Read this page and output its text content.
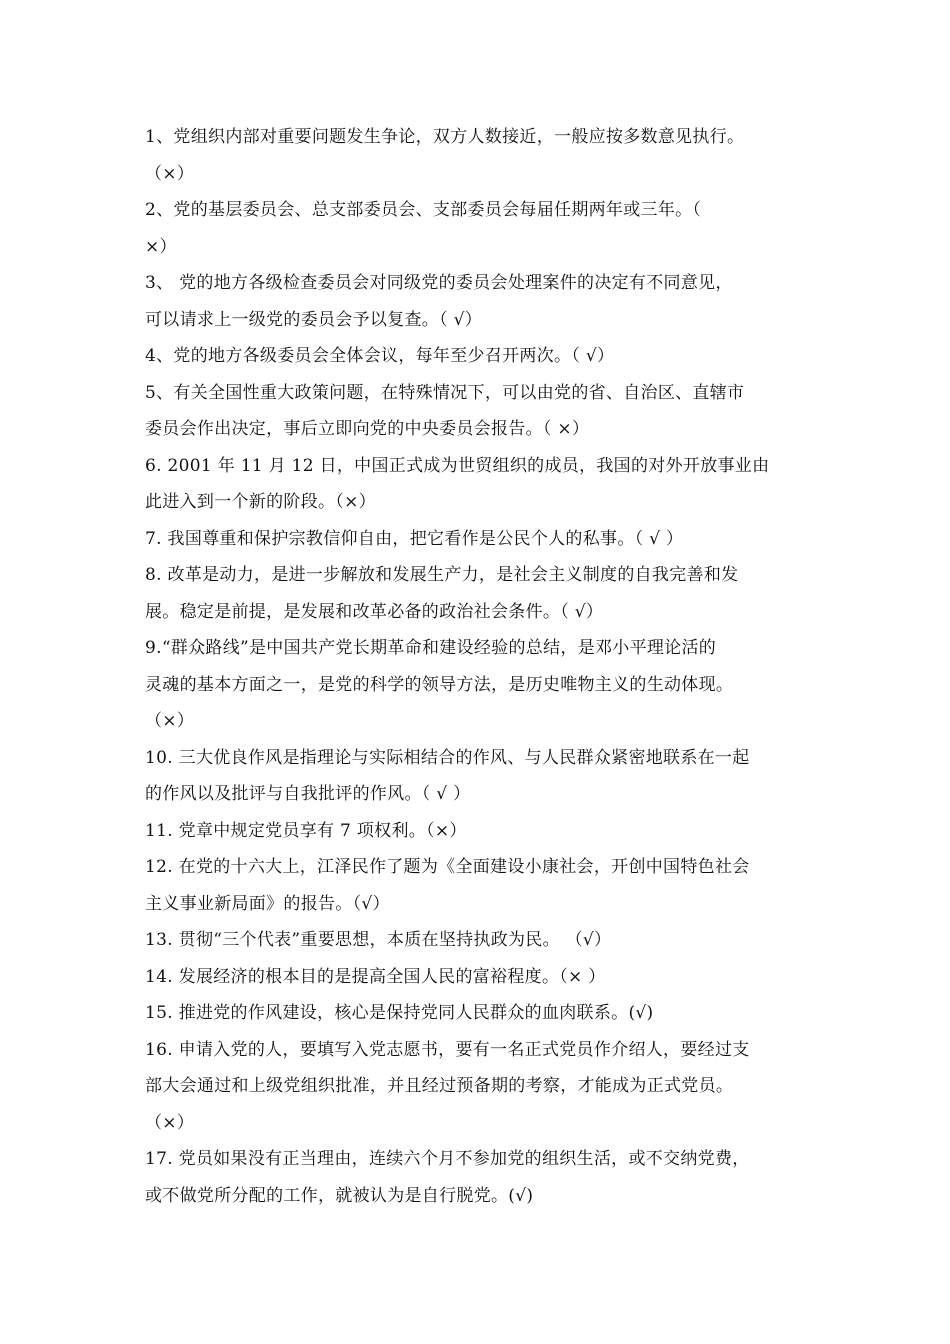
1、党组织内部对重要问题发生争论，双方人数接近，一般应按多数意见执行。
（×）
2、党的基层委员会、总支部委员会、支部委员会每届任期两年或三年。（
×）
3、 党的地方各级检查委员会对同级党的委员会处理案件的决定有不同意见，
可以请求上一级党的委员会予以复查。（ √）
4、党的地方各级委员会全体会议，每年至少召开两次。（ √）
5、有关全国性重大政策问题，在特殊情况下，可以由党的省、自治区、直辖市
委员会作出决定，事后立即向党的中央委员会报告。（ ×）
6. 2001 年 11 月 12 日，中国正式成为世贸组织的成员，我国的对外开放事业由
此进入到一个新的阶段。（×）
7. 我国尊重和保护宗教信仰自由，把它看作是公民个人的私事。（ √ ）
8. 改革是动力，是进一步解放和发展生产力，是社会主义制度的自我完善和发
展。稳定是前提，是发展和改革必备的政治社会条件。（ √）
9.“群众路线”是中国共产党长期革命和建设经验的总结，是邓小平理论活的
灵魂的基本方面之一，是党的科学的领导方法，是历史唯物主义的生动体现。
（×）
10. 三大优良作风是指理论与实际相结合的作风、与人民群众紧密地联系在一起
的作风以及批评与自我批评的作风。（ √ ）
11. 党章中规定党员享有 7 项权利。（×）
12. 在党的十六大上，江泽民作了题为《全面建设小康社会，开创中国特色社会
主义事业新局面》的报告。（√）
13. 贯彻“三个代表”重要思想，本质在坚持执政为民。 （√）
14. 发展经济的根本目的是提高全国人民的富裕程度。（× ）
15. 推进党的作风建设，核心是保持党同人民群众的血肉联系。(√)
16. 申请入党的人，要填写入党志愿书，要有一名正式党员作介绍人，要经过支
部大会通过和上级党组织批准，并且经过预备期的考察，才能成为正式党员。
（×）
17. 党员如果没有正当理由，连续六个月不参加党的组织生活，或不交纳党费，
或不做党所分配的工作，就被认为是自行脱党。(√)
